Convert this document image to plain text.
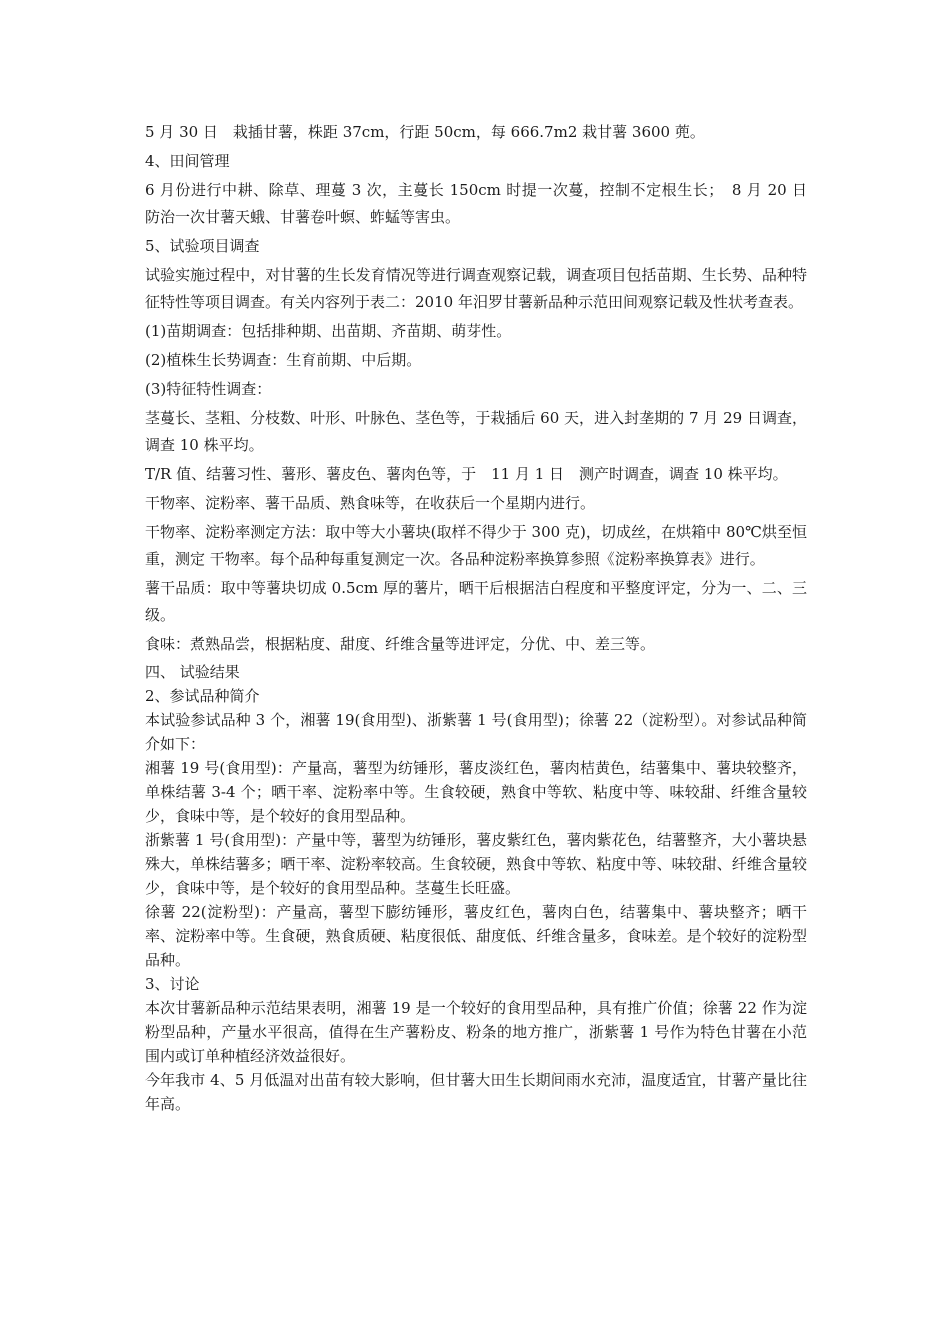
5 月 30 日　栽插甘薯，株距 37cm，行距 50cm，每 666.7m2 栽甘薯 3600 蔸。

4、田间管理

6 月份进行中耕、除草、理蔓 3 次，主蔓长 150cm 时提一次蔓，控制不定根生长；　8 月 20 日　防治一次甘薯天蛾、甘薯卷叶螟、蚱蜢等害虫。

5、试验项目调查

试验实施过程中，对甘薯的生长发育情况等进行调查观察记载，调查项目包括苗期、生长势、品种特征特性等项目调查。有关内容列于表二：2010 年汨罗甘薯新品种示范田间观察记载及性状考查表。

(1)苗期调查：包括排种期、出苗期、齐苗期、萌芽性。

(2)植株生长势调查：生育前期、中后期。

(3)特征特性调查：

茎蔓长、茎粗、分枝数、叶形、叶脉色、茎色等，于栽插后 60 天，进入封垄期的 7 月 29 日调查，调查 10 株平均。

T/R 值、结薯习性、薯形、薯皮色、薯肉色等，于　11 月 1 日　测产时调查，调查 10 株平均。

干物率、淀粉率、薯干品质、熟食味等，在收获后一个星期内进行。

干物率、淀粉率测定方法：取中等大小薯块(取样不得少于 300 克)，切成丝，在烘箱中 80℃烘至恒重，测定 干物率。每个品种每重复测定一次。各品种淀粉率换算参照《淀粉率换算表》进行。

薯干品质：取中等薯块切成 0.5cm 厚的薯片，晒干后根据洁白程度和平整度评定，分为一、二、三级。

食味：煮熟品尝，根据粘度、甜度、纤维含量等进评定，分优、中、差三等。

四、 试验结果

2、参试品种简介

本试验参试品种 3 个，湘薯 19(食用型)、浙紫薯 1 号(食用型)；徐薯 22（淀粉型）。对参试品种简介如下：

湘薯 19 号(食用型)：产量高，薯型为纺锤形，薯皮淡红色，薯肉桔黄色，结薯集中、薯块较整齐，单株结薯 3-4 个；晒干率、淀粉率中等。生食较硬，熟食中等软、粘度中等、味较甜、纤维含量较少，食味中等，是个较好的食用型品种。

浙紫薯 1 号(食用型)：产量中等，薯型为纺锤形，薯皮紫红色，薯肉紫花色，结薯整齐，大小薯块悬殊大，单株结薯多；晒干率、淀粉率较高。生食较硬，熟食中等软、粘度中等、味较甜、纤维含量较少，食味中等，是个较好的食用型品种。茎蔓生长旺盛。

徐薯 22(淀粉型)：产量高，薯型下膨纺锤形，薯皮红色，薯肉白色，结薯集中、薯块整齐；晒干率、淀粉率中等。生食硬，熟食质硬、粘度很低、甜度低、纤维含量多，食味差。是个较好的淀粉型品种。

3、讨论

本次甘薯新品种示范结果表明，湘薯 19 是一个较好的食用型品种，具有推广价值；徐薯 22 作为淀粉型品种，产量水平很高，值得在生产薯粉皮、粉条的地方推广，浙紫薯 1 号作为特色甘薯在小范围内或订单种植经济效益很好。

今年我市 4、5 月低温对出苗有较大影响，但甘薯大田生长期间雨水充沛，温度适宜，甘薯产量比往年高。
